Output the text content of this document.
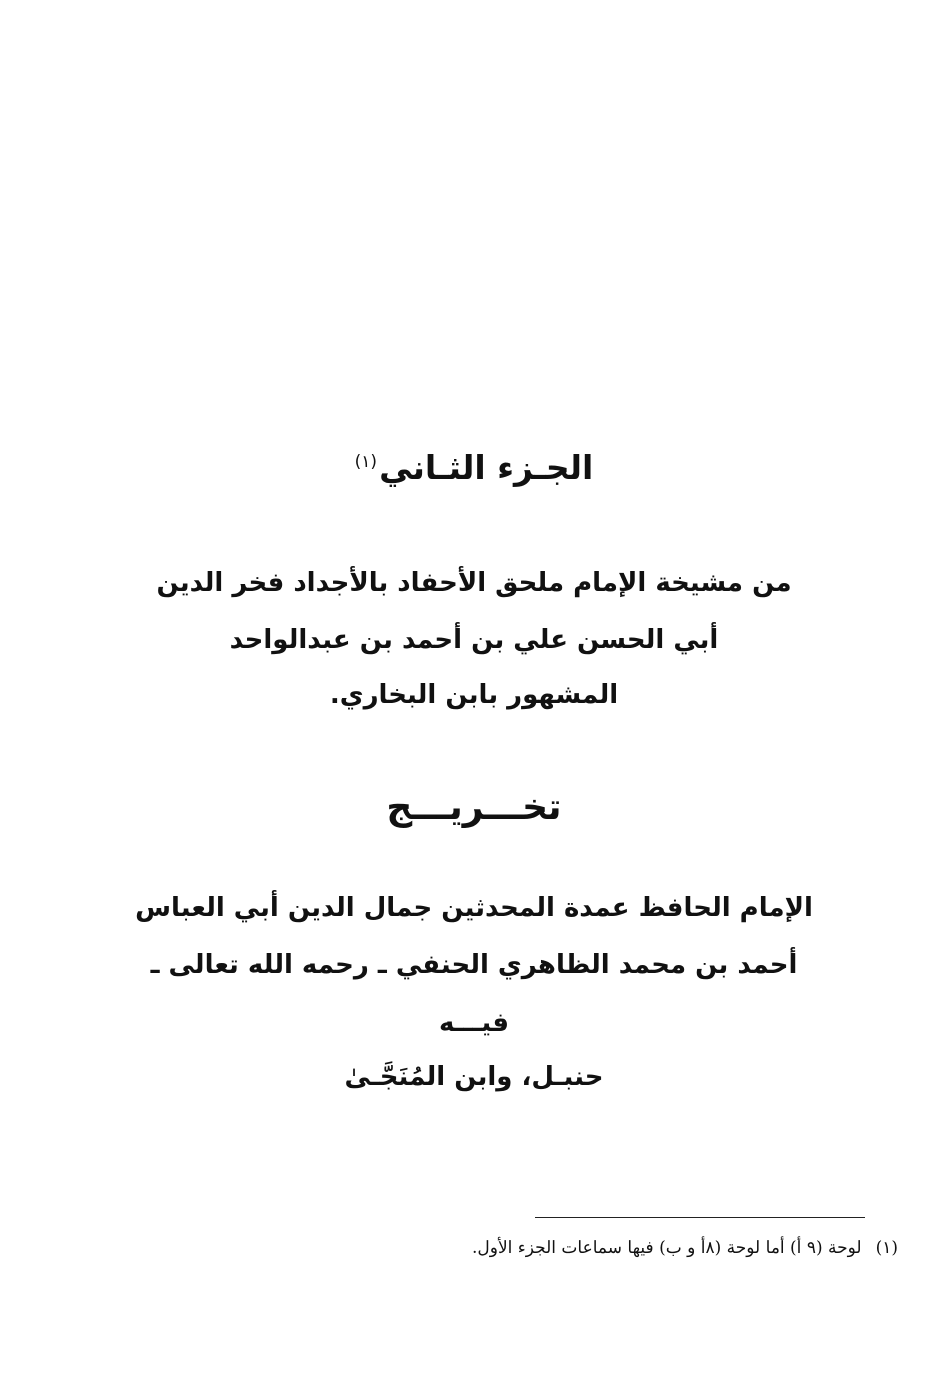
الجـزء الثـاني$^{(١)}$
من مشيخة الإمام ملحق الأحفاد بالأجداد فخر الدين
أبي الحسن علي بن أحمد بن عبدالواحد
المشهور بابن البخاري.
تخـــريـــج
الإمام الحافظ عمدة المحدثين جمال الدين أبي العباس
أحمد بن محمد الظاهري الحنفي ـ رحمه الله تعالى ـ
فيـــه
حنبـل، وابن المُنَجَّـىٰ
(١)لوحة (٩ أ) أما لوحة (٨أ و ب) فيها سماعات الجزء الأول.
